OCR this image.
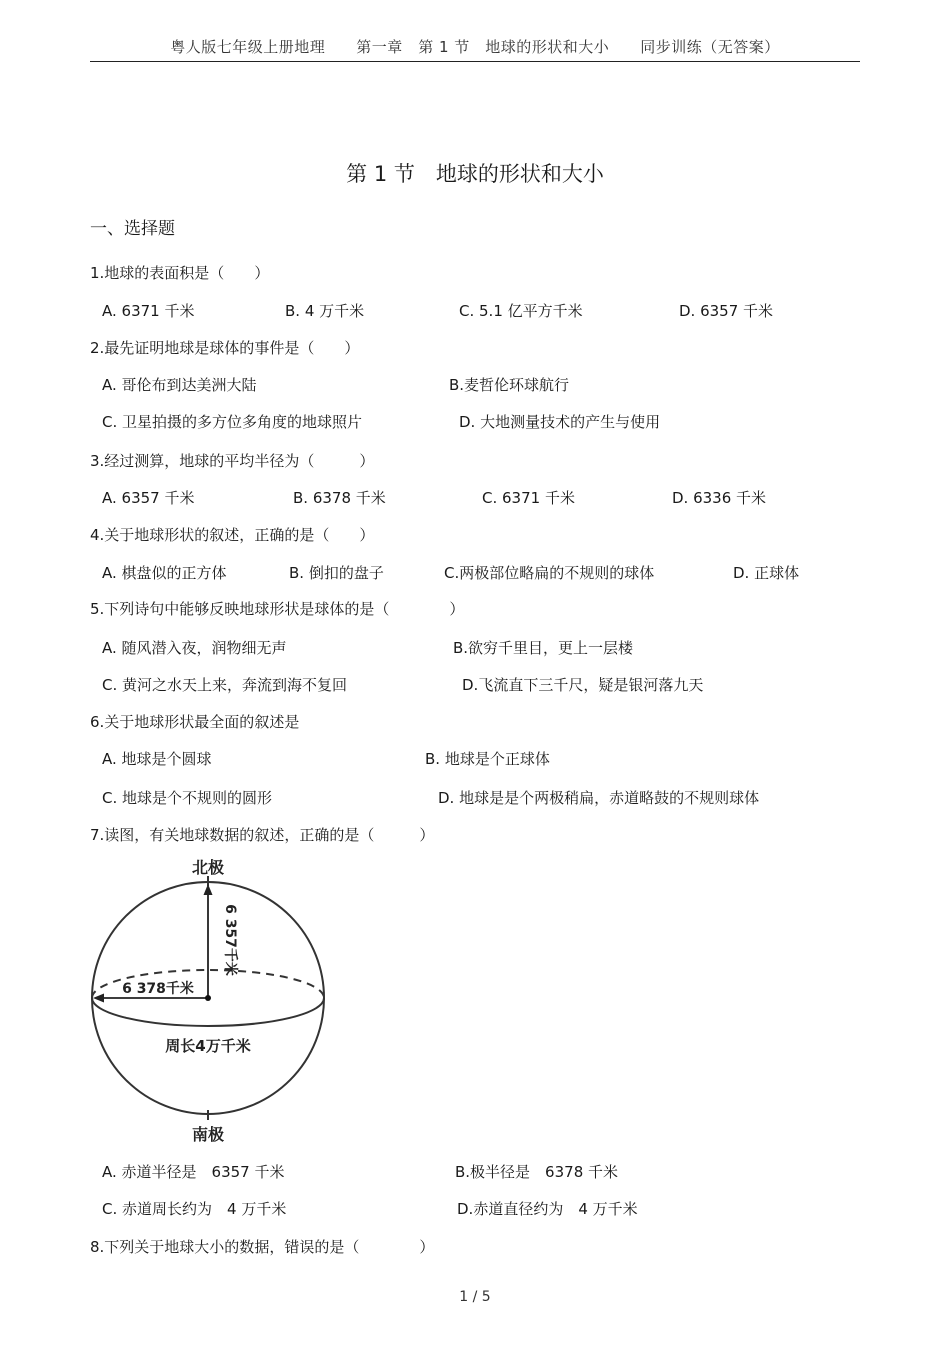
粤人版七年级上册地理　　第一章　第 1 节　地球的形状和大小　　同步训练（无答案）
第 1 节　地球的形状和大小
一、选择题
1.地球的表面积是（　　）
A. 6371 千米	B. 4 万千米	C. 5.1 亿平方千米	D. 6357 千米
2.最先证明地球是球体的事件是（　　）
A. 哥伦布到达美洲大陆	B.麦哲伦环球航行
C. 卫星拍摄的多方位多角度的地球照片	D. 大地测量技术的产生与使用
3.经过测算，地球的平均半径为（　　　）
A. 6357 千米	B. 6378 千米	C. 6371 千米	D. 6336 千米
4.关于地球形状的叙述，正确的是（　　）
A. 棋盘似的正方体	B. 倒扣的盘子	C.两极部位略扁的不规则的球体	D. 正球体
5.下列诗句中能够反映地球形状是球体的是（　　　　）
A. 随风潜入夜，润物细无声	B.欲穷千里目，更上一层楼
C. 黄河之水天上来，奔流到海不复回	D.飞流直下三千尺，疑是银河落九天
6.关于地球形状最全面的叙述是
A. 地球是个圆球	B. 地球是个正球体
C. 地球是个不规则的圆形	D. 地球是是个两极稍扁，赤道略鼓的不规则球体
7.读图，有关地球数据的叙述，正确的是（　　　）
北极
南极
6 357千米
6 378千米
周长4万千米
A. 赤道半径是　6357 千米	B.极半径是　6378 千米
C. 赤道周长约为　4 万千米	D.赤道直径约为　4 万千米
8.下列关于地球大小的数据，错误的是（　　　　）
1 / 5
